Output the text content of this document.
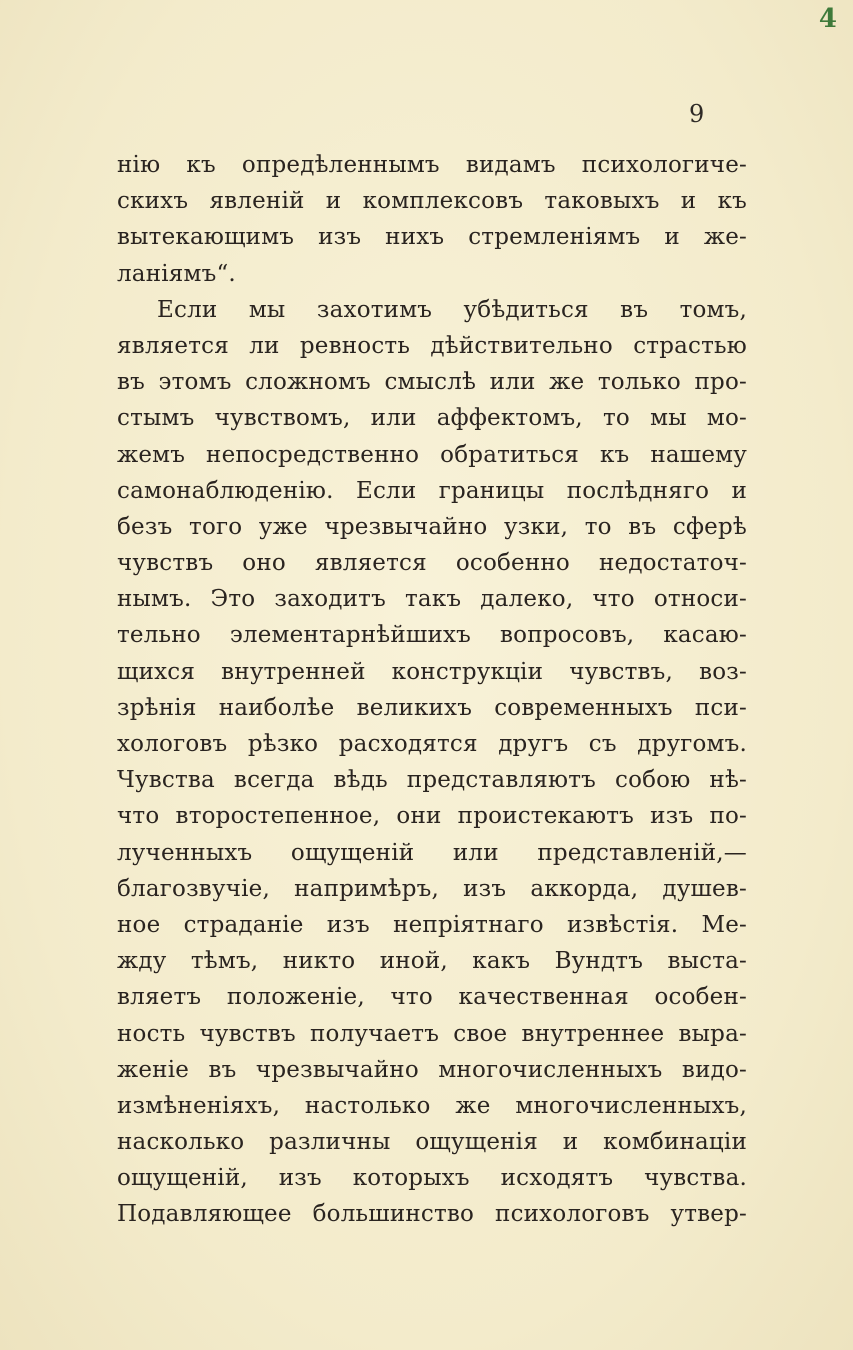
4
9
нію къ опредѣленнымъ видамъ психологиче-
скихъ явленій и комплексовъ таковыхъ и къ
вытекающимъ изъ нихъ стремленіямъ и же-
ланіямъ“.
Если мы захотимъ убѣдиться въ томъ,
является ли ревность дѣйствительно страстью
въ этомъ сложномъ смыслѣ или же только про-
стымъ чувствомъ, или аффектомъ, то мы мо-
жемъ непосредственно обратиться къ нашему
самонаблюденію. Если границы послѣдняго и
безъ того уже чрезвычайно узки, то въ сферѣ
чувствъ оно является особенно недостаточ-
нымъ. Это заходитъ такъ далеко, что относи-
тельно элементарнѣйшихъ вопросовъ, касаю-
щихся внутренней конструкціи чувствъ, воз-
зрѣнія наиболѣе великихъ современныхъ пси-
хологовъ рѣзко расходятся другъ съ другомъ.
Чувства всегда вѣдь представляютъ собою нѣ-
что второстепенное, они проистекаютъ изъ по-
лученныхъ ощущеній или представленій,—
благозвучіе, напримѣръ, изъ аккорда, душев-
ное страданіе изъ непріятнаго извѣстія. Ме-
жду тѣмъ, никто иной, какъ Вундтъ выста-
вляетъ положеніе, что качественная особен-
ность чувствъ получаетъ свое внутреннее выра-
женіе въ чрезвычайно многочисленныхъ видо-
измѣненіяхъ, настолько же многочисленныхъ,
насколько различны ощущенія и комбинаціи
ощущеній, изъ которыхъ исходятъ чувства.
Подавляющее большинство психологовъ утвер-
